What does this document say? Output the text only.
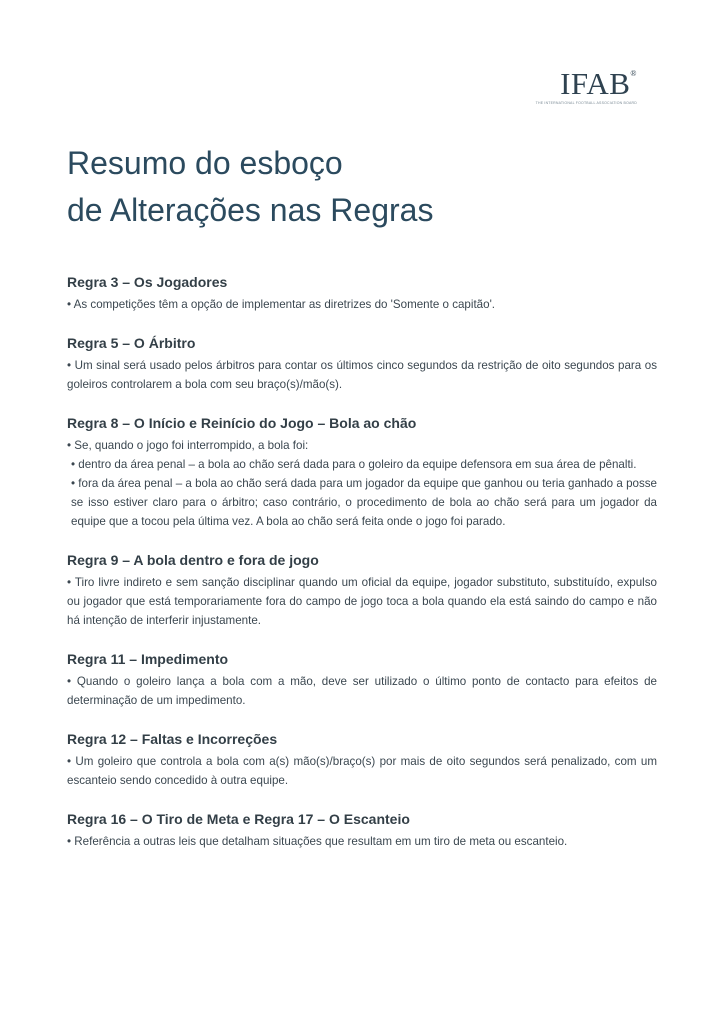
IFAB®
THE INTERNATIONAL FOOTBALL ASSOCIATION BOARD
Resumo do esboço
de Alterações nas Regras
Regra 3 – Os Jogadores

• As competições têm a opção de implementar as diretrizes do 'Somente o capitão'.

Regra 5 – O Árbitro

• Um sinal será usado pelos árbitros para contar os últimos cinco segundos da restrição de oito segundos para os goleiros controlarem a bola com seu braço(s)/mão(s).

Regra 8 – O Início e Reinício do Jogo – Bola ao chão

• Se, quando o jogo foi interrompido, a bola foi:

• dentro da área penal – a bola ao chão será dada para o goleiro da equipe defensora em sua área de pênalti.

• fora da área penal – a bola ao chão será dada para um jogador da equipe que ganhou ou teria ganhado a posse se isso estiver claro para o árbitro; caso contrário, o procedimento de bola ao chão será para um jogador da equipe que a tocou pela última vez. A bola ao chão será feita onde o jogo foi parado.

Regra 9 – A bola dentro e fora de jogo

• Tiro livre indireto e sem sanção disciplinar quando um oficial da equipe, jogador substituto, substituído, expulso ou jogador que está temporariamente fora do campo de jogo toca a bola quando ela está saindo do campo e não há intenção de interferir injustamente.

Regra 11 – Impedimento

• Quando o goleiro lança a bola com a mão, deve ser utilizado o último ponto de contacto para efeitos de determinação de um impedimento.

Regra 12 – Faltas e Incorreções

• Um goleiro que controla a bola com a(s) mão(s)/braço(s) por mais de oito segundos será penalizado, com um escanteio sendo concedido à outra equipe.

Regra 16 – O Tiro de Meta e Regra 17 – O Escanteio

• Referência a outras leis que detalham situações que resultam em um tiro de meta ou escanteio.
